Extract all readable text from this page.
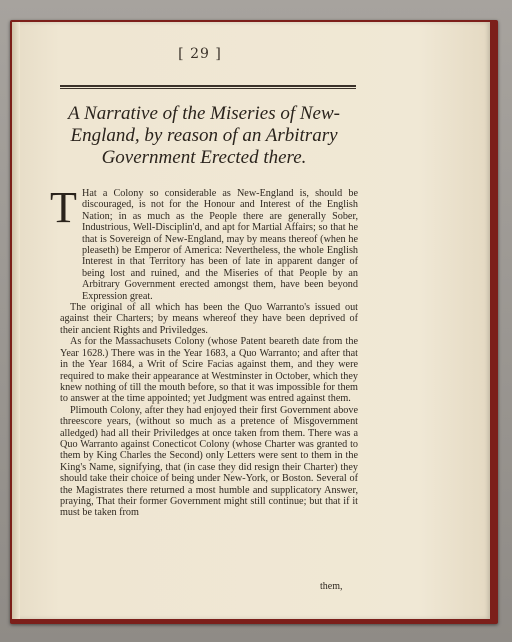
[ 29 ]
A Narrative of the Miseries of New-England, by reason of an Arbitrary Government Erected there.
T Hat a Colony so considerable as New-England is, should be discouraged, is not for the Honour and Interest of the English Nation; in as much as the People there are generally Sober, Industrious, Well-Disciplin'd, and apt for Martial Affairs; so that he that is Sovereign of New-England, may by means thereof (when he pleaseth) be Emperor of America: Nevertheless, the whole English Interest in that Territory has been of late in apparent danger of being lost and ruined, and the Miseries of that People by an Arbitrary Government erected amongst them, have been beyond Expression great.

The original of all which has been the Quo Warranto's issued out against their Charters; by means whereof they have been deprived of their ancient Rights and Priviledges.

As for the Massachusets Colony (whose Patent beareth date from the Year 1628.) There was in the Year 1683, a Quo Warranto; and after that in the Year 1684, a Writ of Scire Facias against them, and they were required to make their appearance at Westminster in October, which they knew nothing of till the mouth before, so that it was impossible for them to answer at the time appointed; yet Judgment was entred against them.

Plimouth Colony, after they had enjoyed their first Government above threescore years, (without so much as a pretence of Misgovernment alledged) had all their Priviledges at once taken from them. There was a Quo Warranto against Conecticot Colony (whose Charter was granted to them by King Charles the Second) only Letters were sent to them in the King's Name, signifying, that (in case they did resign their Charter) they should take their choice of being under New-York, or Boston. Several of the Magistrates there returned a most humble and supplicatory Answer, praying, That their former Government might still continue; but that if it must be taken from

them,
